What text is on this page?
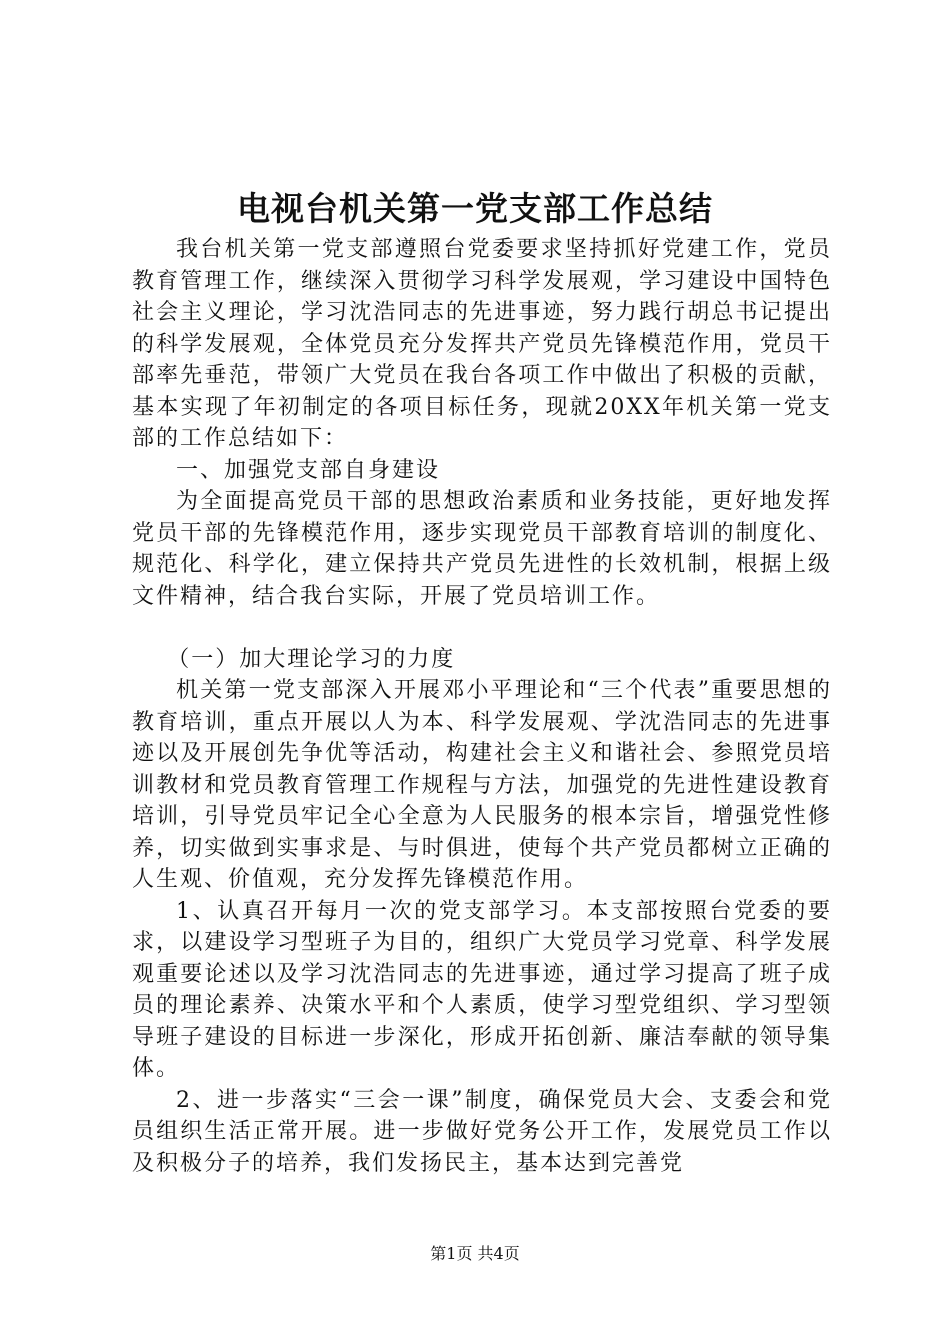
电视台机关第一党支部工作总结

我台机关第一党支部遵照台党委要求坚持抓好党建工作，党员教育管理工作，继续深入贯彻学习科学发展观，学习建设中国特色社会主义理论，学习沈浩同志的先进事迹，努力践行胡总书记提出的科学发展观，全体党员充分发挥共产党员先锋模范作用，党员干部率先垂范，带领广大党员在我台各项工作中做出了积极的贡献，基本实现了年初制定的各项目标任务，现就20XX年机关第一党支部的工作总结如下：

一、加强党支部自身建设

为全面提高党员干部的思想政治素质和业务技能，更好地发挥党员干部的先锋模范作用，逐步实现党员干部教育培训的制度化、规范化、科学化，建立保持共产党员先进性的长效机制，根据上级文件精神，结合我台实际，开展了党员培训工作。

（一）加大理论学习的力度

机关第一党支部深入开展邓小平理论和“三个代表”重要思想的教育培训，重点开展以人为本、科学发展观、学沈浩同志的先进事迹以及开展创先争优等活动，构建社会主义和谐社会、参照党员培训教材和党员教育管理工作规程与方法，加强党的先进性建设教育培训，引导党员牢记全心全意为人民服务的根本宗旨，增强党性修养，切实做到实事求是、与时俱进，使每个共产党员都树立正确的人生观、价值观，充分发挥先锋模范作用。

1、认真召开每月一次的党支部学习。本支部按照台党委的要求，以建设学习型班子为目的，组织广大党员学习党章、科学发展观重要论述以及学习沈浩同志的先进事迹，通过学习提高了班子成员的理论素养、决策水平和个人素质，使学习型党组织、学习型领导班子建设的目标进一步深化，形成开拓创新、廉洁奉献的领导集体。

2、进一步落实“三会一课”制度，确保党员大会、支委会和党员组织生活正常开展。进一步做好党务公开工作，发展党员工作以及积极分子的培养，我们发扬民主，基本达到完善党

第1页 共4页
